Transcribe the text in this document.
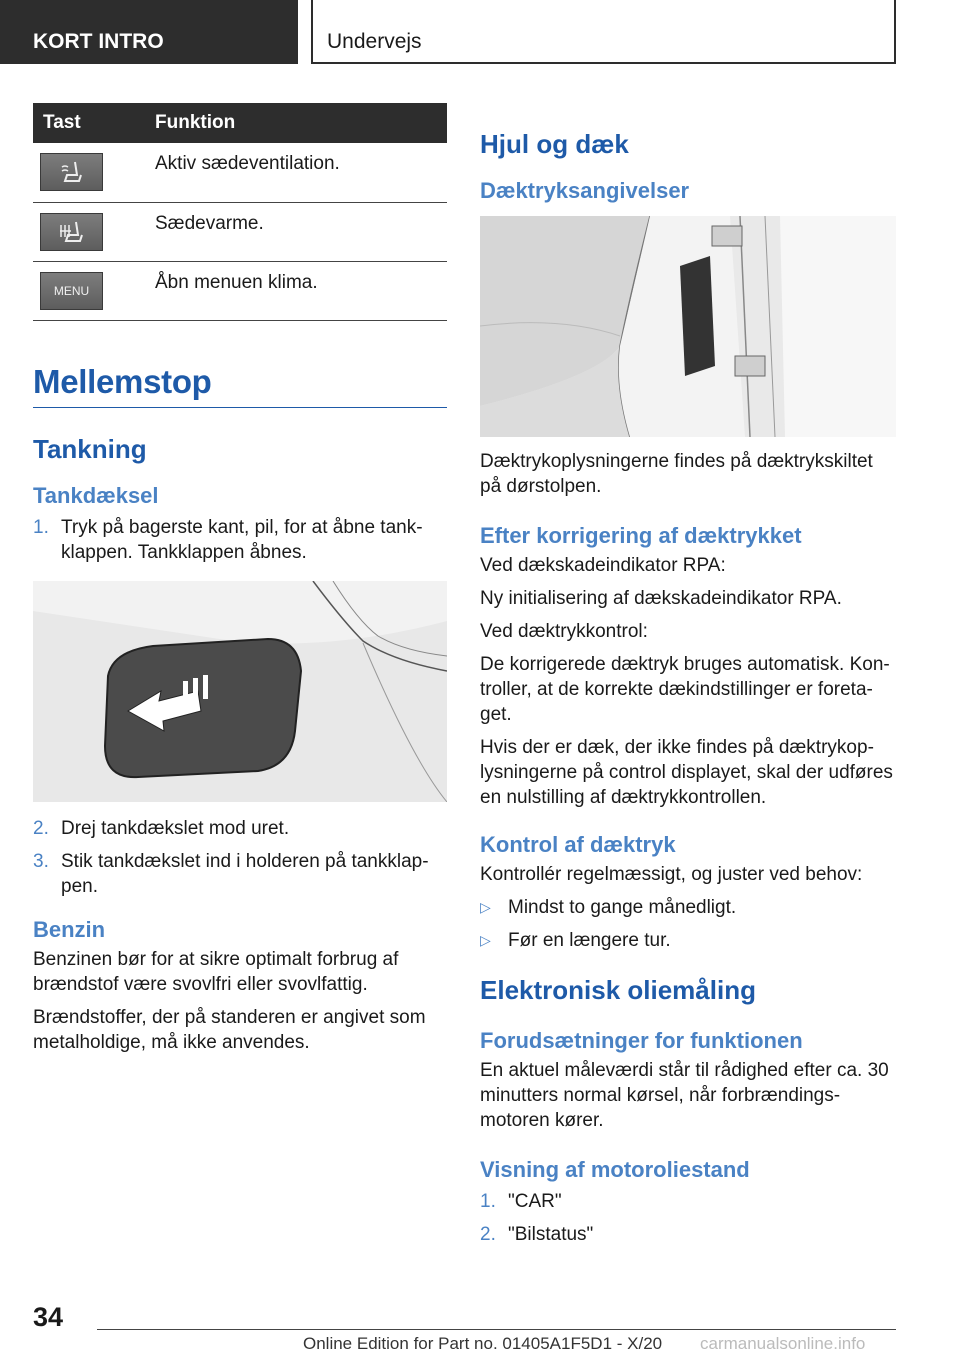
KORT INTRO	Undervejs
Tast	Funktion

	Aktiv sædeventilation.

	Sædevarme.

MENU	Åbn menuen klima.
Mellemstop
Tankning
Tankdæksel
1. Tryk på bagerste kant, pil, for at åbne tankklappen. Tankklappen åbnes.
2. Drej tankdækslet mod uret.
3. Stik tankdækslet ind i holderen på tankklappen.
Benzin

Benzinen bør for at sikre optimalt forbrug af brændstof være svovlfri eller svovlfattig.

Brændstoffer, der på standeren er angivet som metalholdige, må ikke anvendes.

Hjul og dæk
Dæktryksangivelser

Dæktrykoplysningerne findes på dæktrykskiltet på dørstolpen.

Efter korrigering af dæktrykket

Ved dækskadeindikator RPA:

Ny initialisering af dækskadeindikator RPA.

Ved dæktrykkontrol:

De korrigerede dæktryk bruges automatisk. Kontroller, at de korrekte dækindstillinger er foretaget.

Hvis der er dæk, der ikke findes på dæktrykoplysningerne på control displayet, skal der udføres en nulstilling af dæktrykkontrollen.

Kontrol af dæktryk

Kontrollér regelmæssigt, og juster ved behov:

▷ Mindst to gange månedligt.
▷ Før en længere tur.
Elektronisk oliemåling
Forudsætninger for funktionen

En aktuel måleværdi står til rådighed efter ca. 30 minutters normal kørsel, når forbrændingsmotoren kører.

Visning af motoroliestand
1. "CAR"
2. "Bilstatus"
34
Online Edition for Part no. 01405A1F5D1 - X/20 carmanualsonline.info
